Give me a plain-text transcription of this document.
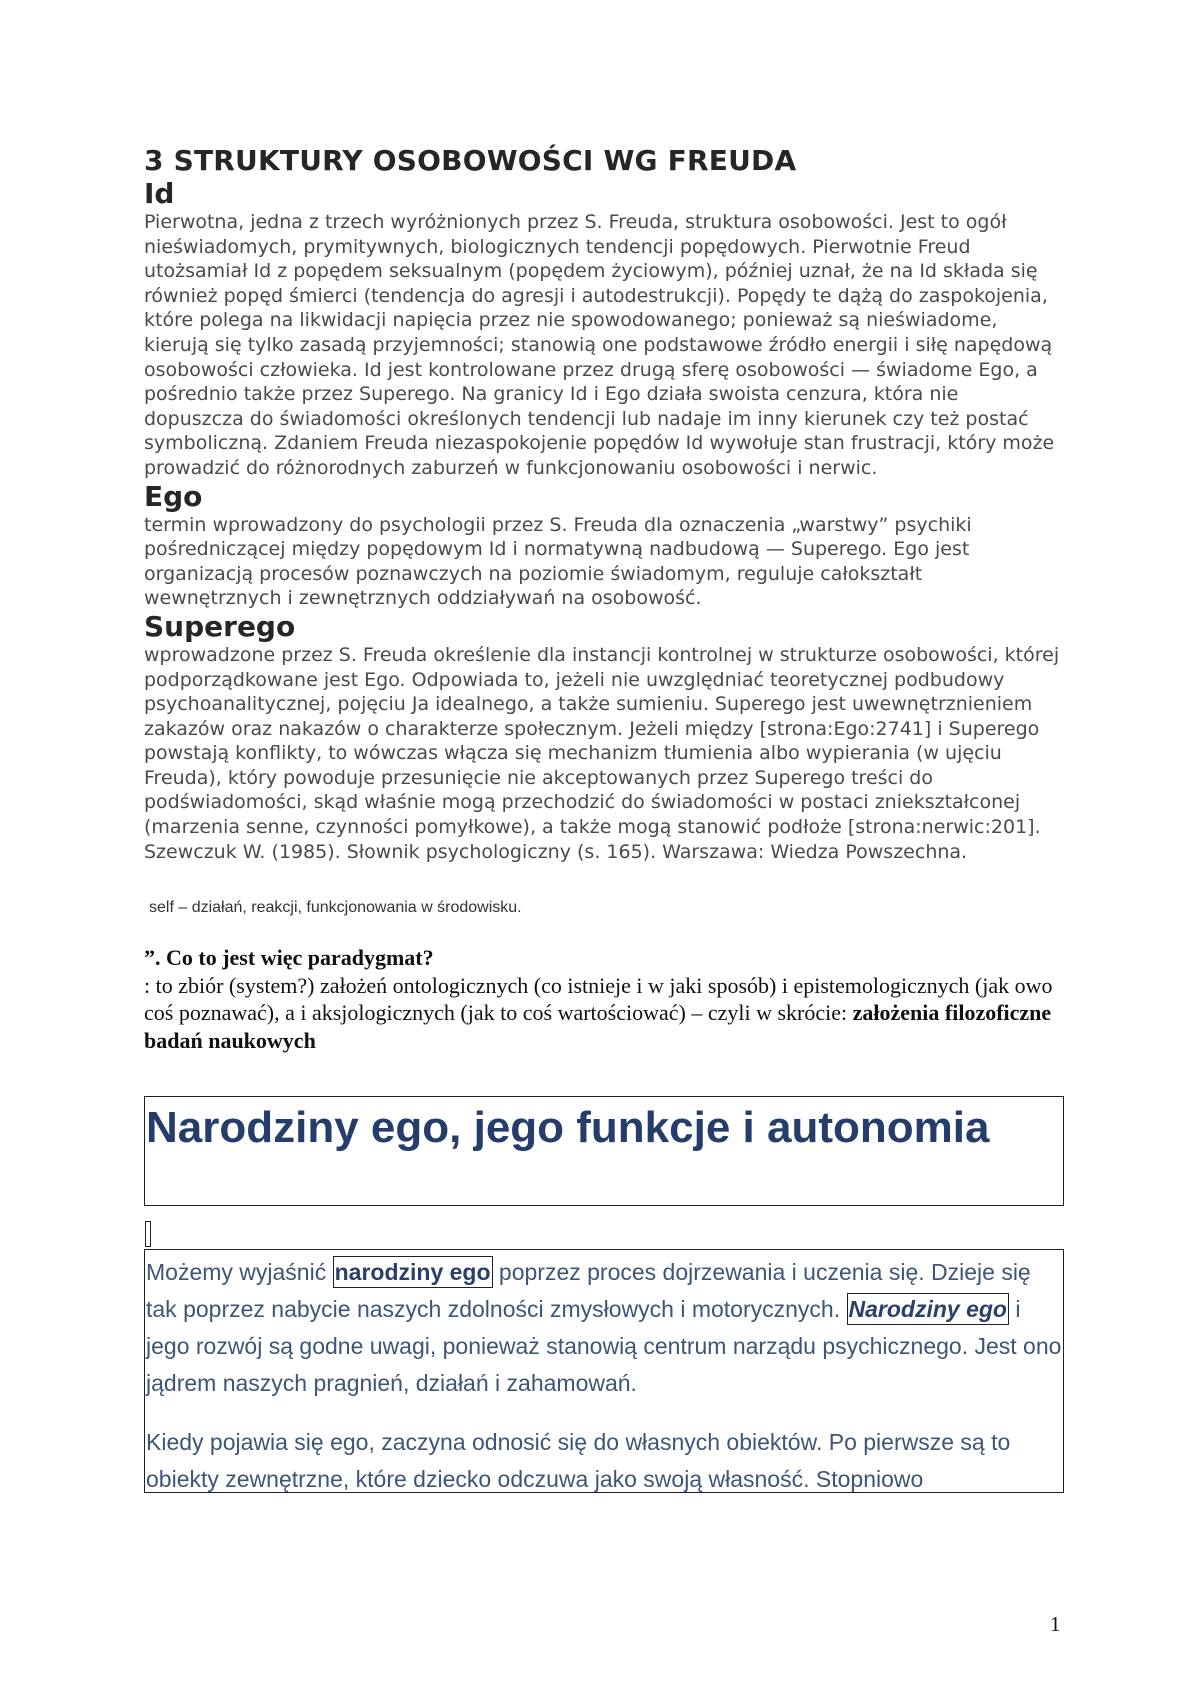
3 STRUKTURY OSOBOWOŚCI WG FREUDA
Id

Pierwotna, jedna z trzech wyróżnionych przez S. Freuda, struktura osobowości. Jest to ogół nieświadomych, prymitywnych, biologicznych tendencji popędowych. Pierwotnie Freud utożsamiał Id z popędem seksualnym (popędem życiowym), później uznał, że na Id składa się również popęd śmierci (tendencja do agresji i autodestrukcji). Popędy te dążą do zaspokojenia, które polega na likwidacji napięcia przez nie spowodowanego; ponieważ są nieświadome, kierują się tylko zasadą przyjemności; stanowią one podstawowe źródło energii i siłę napędową osobowości człowieka. Id jest kontrolowane przez drugą sferę osobowości — świadome Ego, a pośrednio także przez Superego. Na granicy Id i Ego działa swoista cenzura, która nie dopuszcza do świadomości określonych tendencji lub nadaje im inny kierunek czy też postać symboliczną. Zdaniem Freuda niezaspokojenie popędów Id wywołuje stan frustracji, który może prowadzić do różnorodnych zaburzeń w funkcjonowaniu osobowości i nerwic.

Ego

termin wprowadzony do psychologii przez S. Freuda dla oznaczenia „warstwy” psychiki pośredniczącej między popędowym Id i normatywną nadbudową — Superego. Ego jest organizacją procesów poznawczych na poziomie świadomym, reguluje całokształt wewnętrznych i zewnętrznych oddziaływań na osobowość.

Superego

wprowadzone przez S. Freuda określenie dla instancji kontrolnej w strukturze osobowości, której podporządkowane jest Ego. Odpowiada to, jeżeli nie uwzględniać teoretycznej podbudowy psychoanalitycznej, pojęciu Ja idealnego, a także sumieniu. Superego jest uwewnętrznieniem zakazów oraz nakazów o charakterze społecznym. Jeżeli między [strona:Ego:2741] i Superego powstają konflikty, to wówczas włącza się mechanizm tłumienia albo wypierania (w ujęciu Freuda), który powoduje przesunięcie nie akceptowanych przez Superego treści do podświadomości, skąd właśnie mogą przechodzić do świadomości w postaci zniekształconej (marzenia senne, czynności pomyłkowe), a także mogą stanowić podłoże [strona:nerwic:201]. Szewczuk W. (1985). Słownik psychologiczny (s. 165). Warszawa: Wiedza Powszechna.

self – działań, reakcji, funkcjonowania w środowisku.

”. Co to jest więc paradygmat?
: to zbiór (system?) założeń ontologicznych (co istnieje i w jaki sposób) i epistemologicznych (jak owo coś poznawać), a i aksjologicznych (jak to coś wartościować) – czyli w skrócie: założenia filozoficzne badań naukowych
Narodziny ego, jego funkcje i autonomia

Możemy wyjaśnić narodziny ego poprzez proces dojrzewania i uczenia się. Dzieje się tak poprzez nabycie naszych zdolności zmysłowych i motorycznych. Narodziny ego i jego rozwój są godne uwagi, ponieważ stanowią centrum narządu psychicznego. Jest ono jądrem naszych pragnień, działań i zahamowań.

Kiedy pojawia się ego, zaczyna odnosić się do własnych obiektów. Po pierwsze są to obiekty zewnętrzne, które dziecko odczuwa jako swoją własność. Stopniowo

1
